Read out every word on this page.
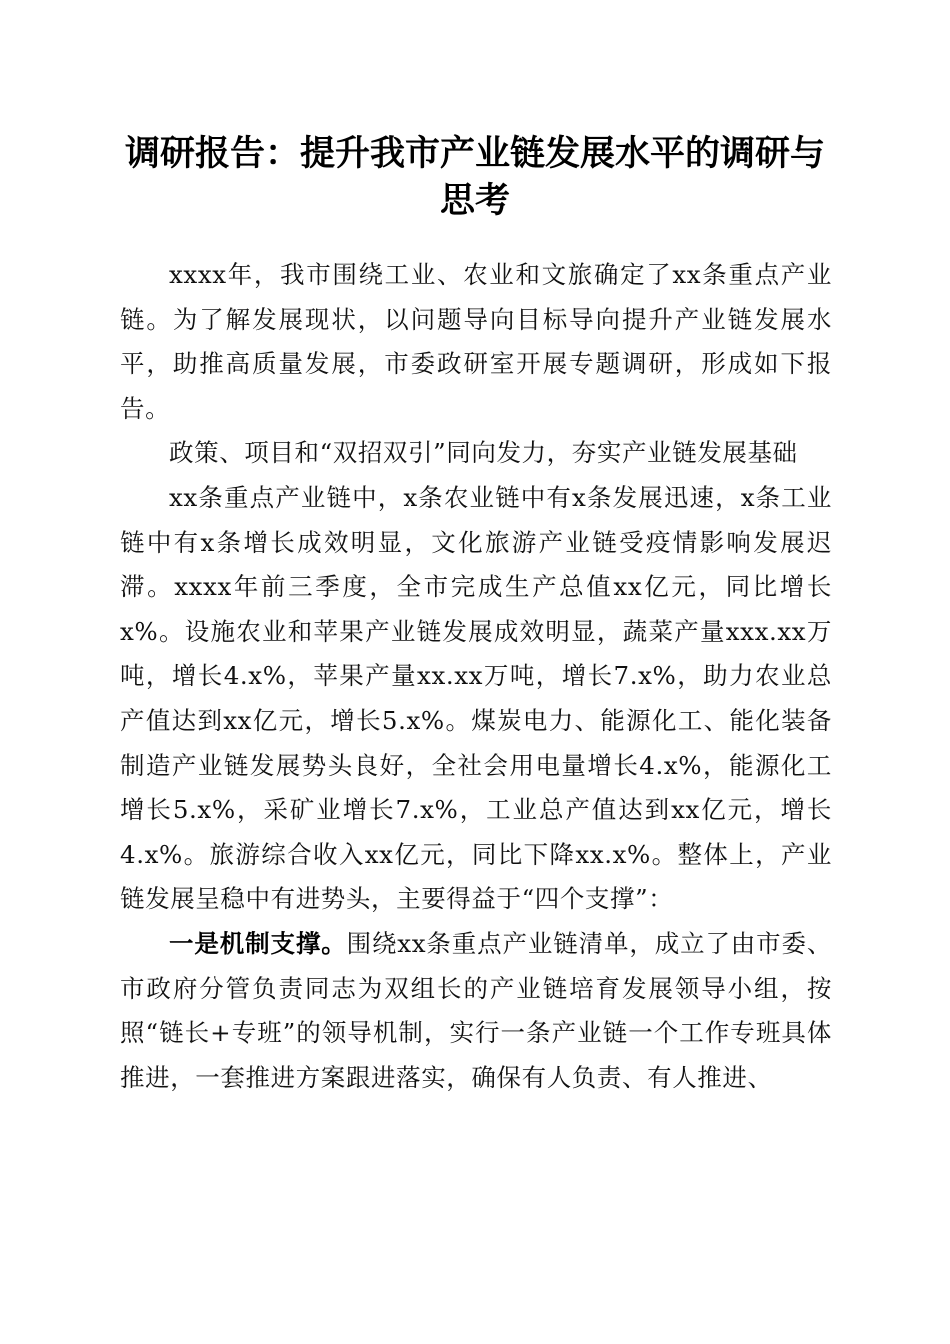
调研报告：提升我市产业链发展水平的调研与思考

xxxx年，我市围绕工业、农业和文旅确定了xx条重点产业链。为了解发展现状，以问题导向目标导向提升产业链发展水平，助推高质量发展，市委政研室开展专题调研，形成如下报告。

政策、项目和“双招双引”同向发力，夯实产业链发展基础

xx条重点产业链中，x条农业链中有x条发展迅速，x条工业链中有x条增长成效明显，文化旅游产业链受疫情影响发展迟滞。xxxx年前三季度，全市完成生产总值xx亿元，同比增长x%。设施农业和苹果产业链发展成效明显，蔬菜产量xxx.xx万吨，增长4.x%，苹果产量xx.xx万吨，增长7.x%，助力农业总产值达到xx亿元，增长5.x%。煤炭电力、能源化工、能化装备制造产业链发展势头良好，全社会用电量增长4.x%，能源化工增长5.x%，采矿业增长7.x%，工业总产值达到xx亿元，增长4.x%。旅游综合收入xx亿元，同比下降xx.x%。整体上，产业链发展呈稳中有进势头，主要得益于“四个支撑”：

一是机制支撑。围绕xx条重点产业链清单，成立了由市委、市政府分管负责同志为双组长的产业链培育发展领导小组，按照“链长+专班”的领导机制，实行一条产业链一个工作专班具体推进，一套推进方案跟进落实，确保有人负责、有人推进、
